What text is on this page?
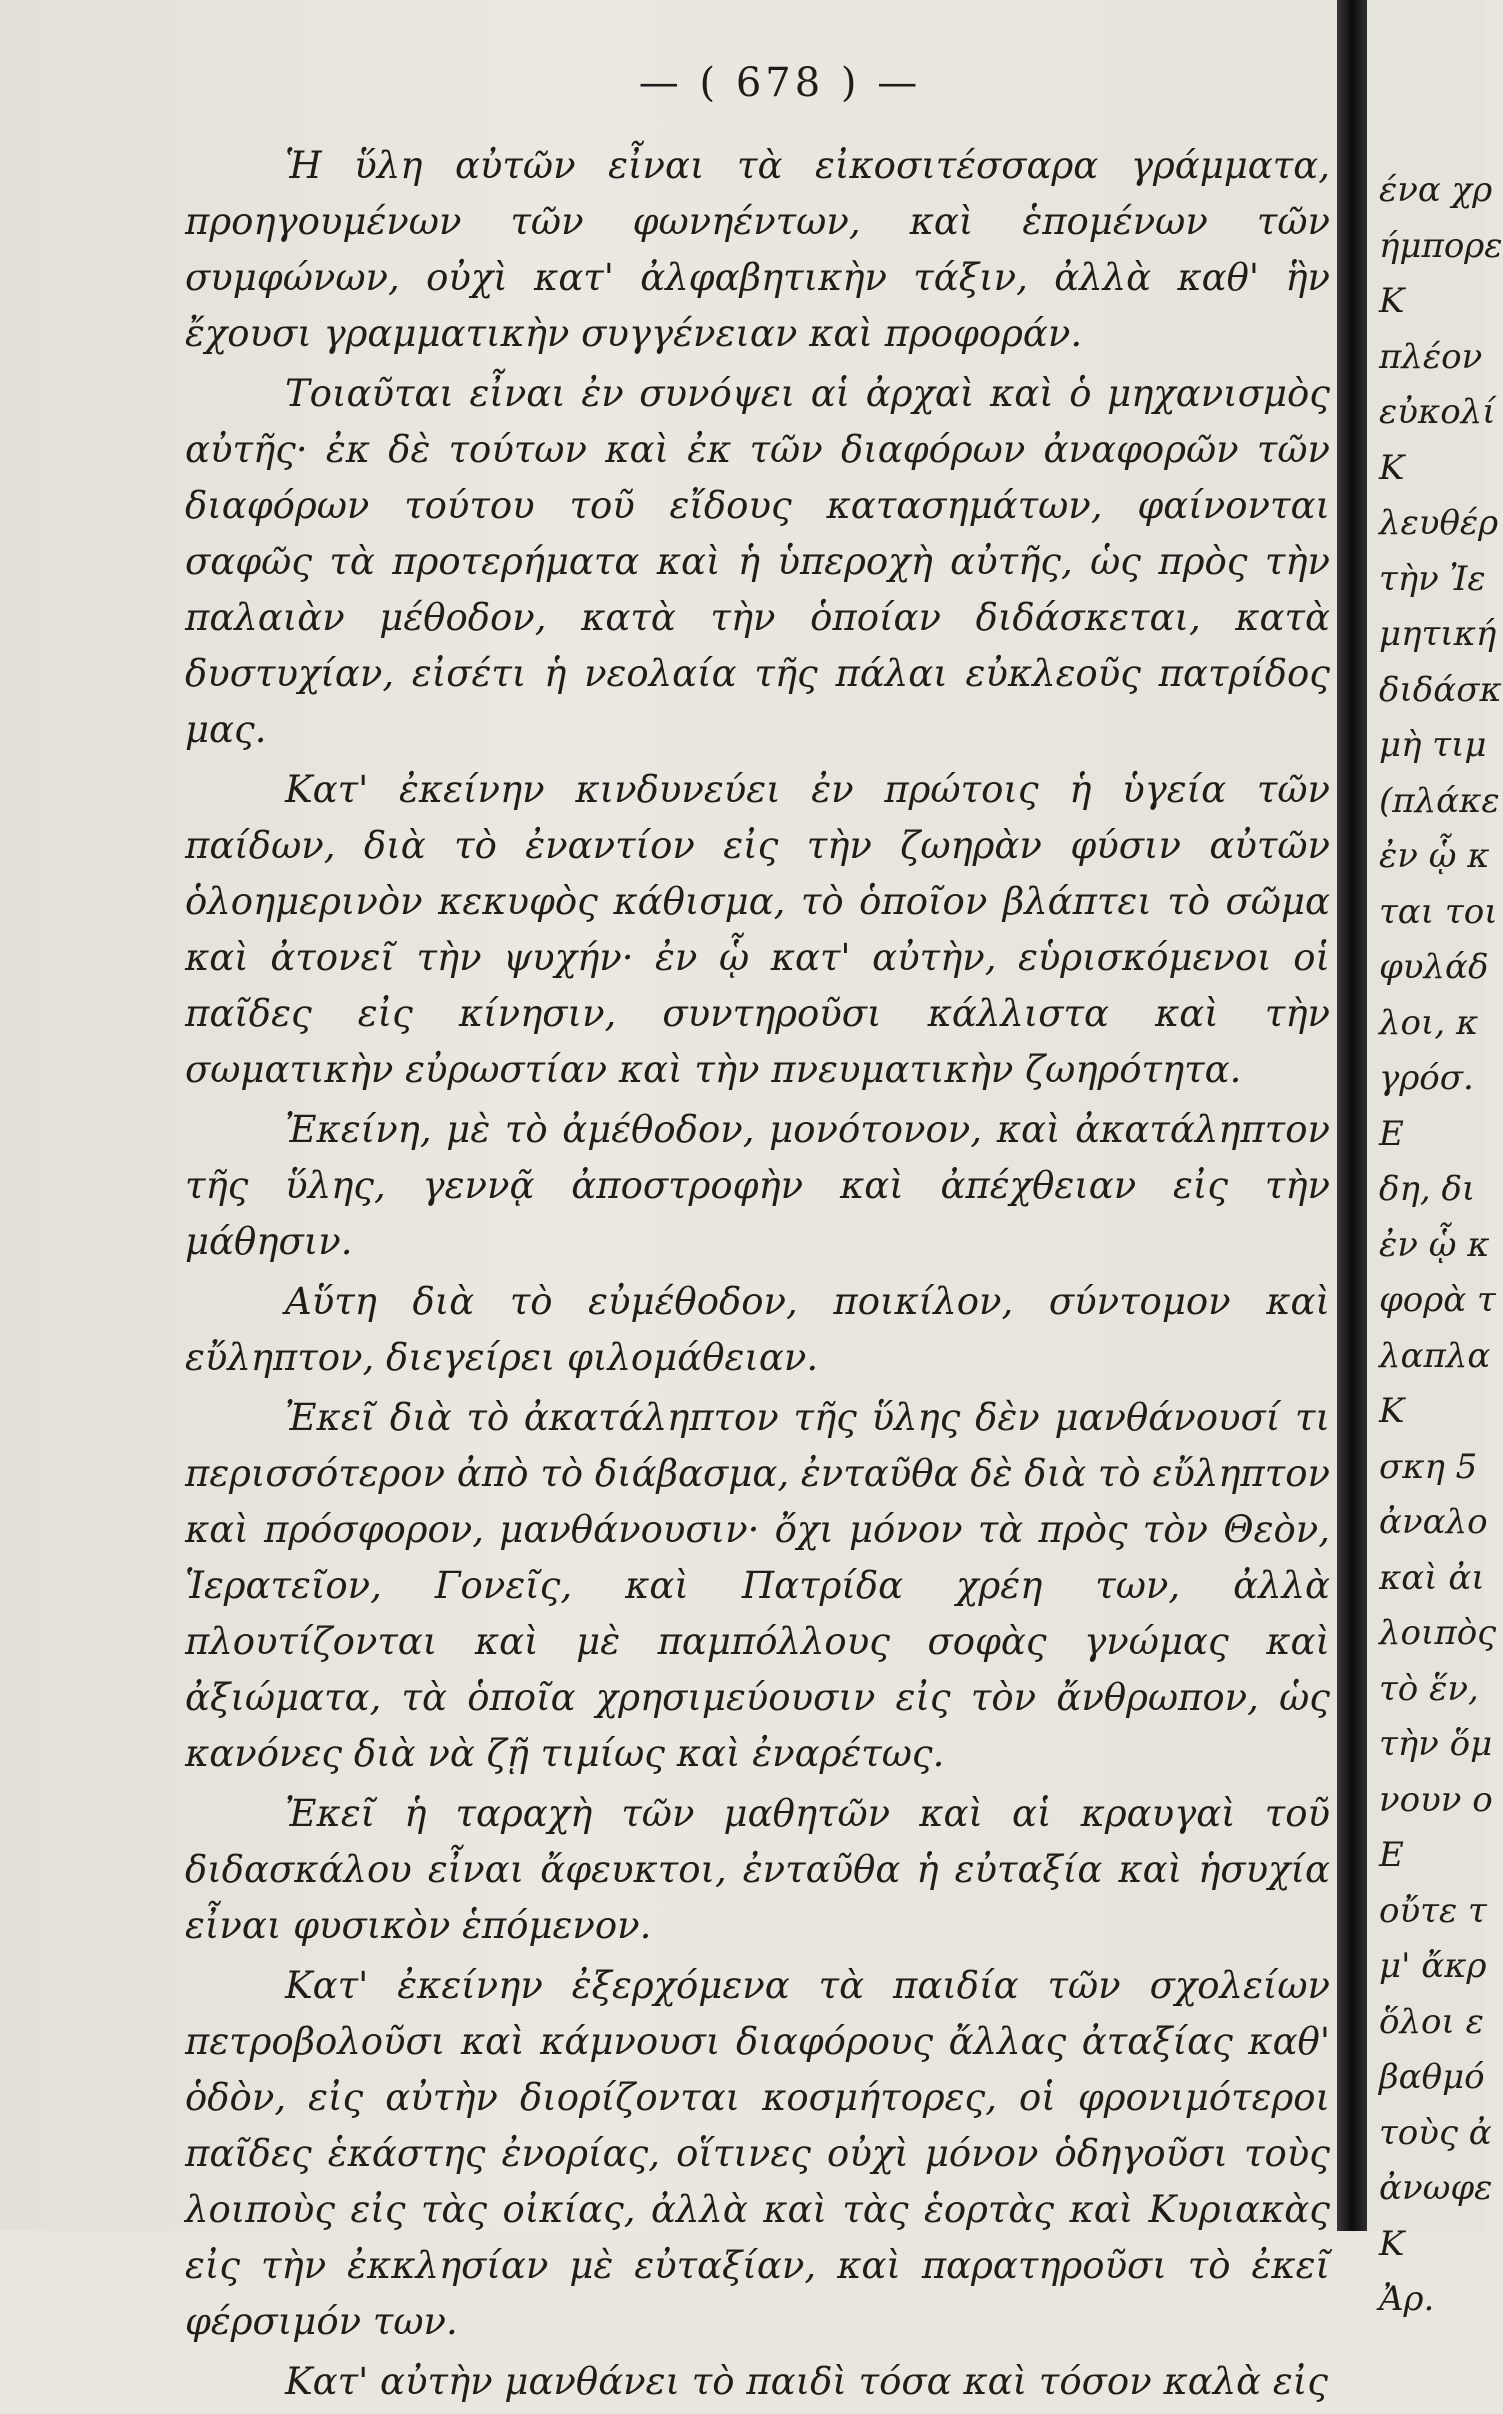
— ( 678 ) —

Ἡ ὕλη αὐτῶν εἶναι τὰ εἰκοσιτέσσαρα γράμματα, προηγουμένων τῶν φωνηέντων, καὶ ἑπομένων τῶν συμφώνων, οὐχὶ κατ' ἀλφαβητικὴν τάξιν, ἀλλὰ καθ' ἣν ἔχουσι γραμματικὴν συγγένειαν καὶ προφοράν.

Τοιαῦται εἶναι ἐν συνόψει αἱ ἀρχαὶ καὶ ὁ μηχανισμὸς αὐτῆς· ἐκ δὲ τούτων καὶ ἐκ τῶν διαφόρων ἀναφορῶν τῶν διαφόρων τούτου τοῦ εἴδους κατασημάτων, φαίνονται σαφῶς τὰ προτερήματα καὶ ἡ ὑπεροχὴ αὐτῆς, ὡς πρὸς τὴν παλαιὰν μέθοδον, κατὰ τὴν ὁποίαν διδάσκεται, κατὰ δυστυχίαν, εἰσέτι ἡ νεολαία τῆς πάλαι εὐκλεοῦς πατρίδος μας.

Κατ' ἐκείνην κινδυνεύει ἐν πρώτοις ἡ ὑγεία τῶν παίδων, διὰ τὸ ἐναντίον εἰς τὴν ζωηρὰν φύσιν αὐτῶν ὁλοημερινὸν κεκυφὸς κάθισμα, τὸ ὁποῖον βλάπτει τὸ σῶμα καὶ ἀτονεῖ τὴν ψυχήν· ἐν ᾧ κατ' αὐτὴν, εὑρισκόμενοι οἱ παῖδες εἰς κίνησιν, συντηροῦσι κάλλιστα καὶ τὴν σωματικὴν εὐρωστίαν καὶ τὴν πνευματικὴν ζωηρότητα.

Ἐκείνη, μὲ τὸ ἀμέθοδον, μονότονον, καὶ ἀκατάληπτον τῆς ὕλης, γεννᾷ ἀποστροφὴν καὶ ἀπέχθειαν εἰς τὴν μάθησιν.

Αὕτη διὰ τὸ εὐμέθοδον, ποικίλον, σύντομον καὶ εὔληπτον, διεγείρει φιλομάθειαν.

Ἐκεῖ διὰ τὸ ἀκατάληπτον τῆς ὕλης δὲν μανθάνουσί τι περισσότερον ἀπὸ τὸ διάβασμα, ἐνταῦθα δὲ διὰ τὸ εὔληπτον καὶ πρόσφορον, μανθάνουσιν· ὄχι μόνον τὰ πρὸς τὸν Θεὸν, Ἱερατεῖον, Γονεῖς, καὶ Πατρίδα χρέη των, ἀλλὰ πλουτίζονται καὶ μὲ παμπόλλους σοφὰς γνώμας καὶ ἀξιώματα, τὰ ὁποῖα χρησιμεύουσιν εἰς τὸν ἄνθρωπον, ὡς κανόνες διὰ νὰ ζῇ τιμίως καὶ ἐναρέτως.

Ἐκεῖ ἡ ταραχὴ τῶν μαθητῶν καὶ αἱ κραυγαὶ τοῦ διδασκάλου εἶναι ἄφευκτοι, ἐνταῦθα ἡ εὐταξία καὶ ἡσυχία εἶναι φυσικὸν ἑπόμενον.

Κατ' ἐκείνην ἐξερχόμενα τὰ παιδία τῶν σχολείων πετροβολοῦσι καὶ κάμνουσι διαφόρους ἄλλας ἀταξίας καθ' ὁδὸν, εἰς αὐτὴν διορίζονται κοσμήτορες, οἱ φρονιμότεροι παῖδες ἑκάστης ἐνορίας, οἵτινες οὐχὶ μόνον ὁδηγοῦσι τοὺς λοιποὺς εἰς τὰς οἰκίας, ἀλλὰ καὶ τὰς ἑορτὰς καὶ Κυριακὰς εἰς τὴν ἐκκλησίαν μὲ εὐταξίαν, καὶ παρατηροῦσι τὸ ἐκεῖ φέρσιμόν των.

Κατ' αὐτὴν μανθάνει τὸ παιδὶ τόσα καὶ τόσον καλὰ εἰς

ένα χρ
ήμπορε
Κ
πλέον
εὐκολί
Κ
λευθέρ
τὴν Ἰε
μητική
διδάσκ
μὴ τιμ
(πλάκε
ἐν ᾧ κ
ται τοι
φυλάδ
λοι, κ
γρόσ.
Ε
δη, δι
ἐν ᾧ κ
φορὰ τ
λαπλα
Κ
σκη 5
ἀναλο
καὶ ἀι
λοιπὸς
τὸ ἕν,
τὴν ὅμ
νουν ο
Ε
οὔτε τ
μ' ἄκρ
ὅλοι ε
βαθμό
τοὺς ἀ
ἀνωφε
Κ
Ἀρ.
